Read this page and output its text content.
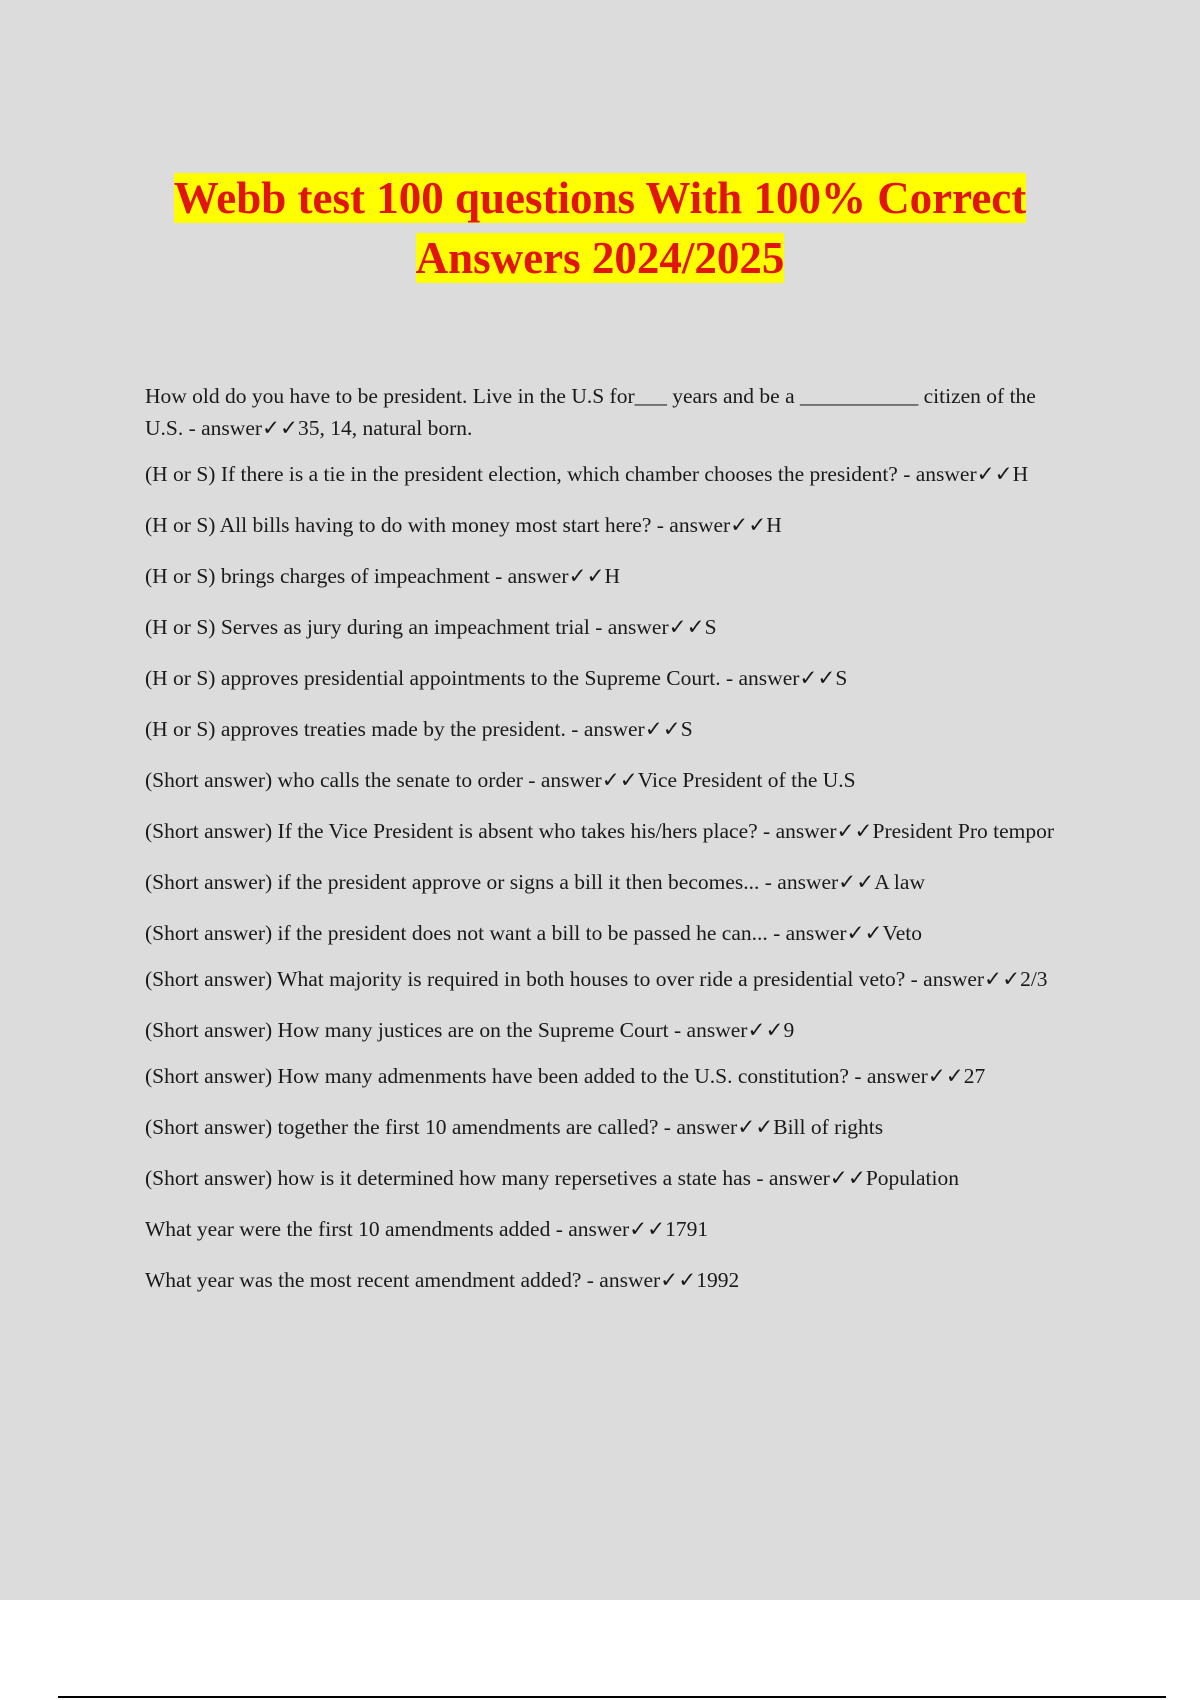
Webb test 100 questions With 100% Correct
Answers 2024/2025
How old do you have to be president. Live in the U.S for___ years and be a ___________ citizen of the U.S. - answer✓✓35, 14, natural born.
(H or S) If there is a tie in the president election, which chamber chooses the president? - answer✓✓H
(H or S) All bills having to do with money most start here? - answer✓✓H
(H or S) brings charges of impeachment - answer✓✓H
(H or S) Serves as jury during an impeachment trial - answer✓✓S
(H or S) approves presidential appointments to the Supreme Court. - answer✓✓S
(H or S) approves treaties made by the president. - answer✓✓S
(Short answer) who calls the senate to order - answer✓✓Vice President of the U.S
(Short answer) If the Vice President is absent who takes his/hers place? - answer✓✓President Pro tempor
(Short answer) if the president approve or signs a bill it then becomes... - answer✓✓A law
(Short answer) if the president does not want a bill to be passed he can... - answer✓✓Veto
(Short answer) What majority is required in both houses to over ride a presidential veto? - answer✓✓2/3
(Short answer) How many justices are on the Supreme Court - answer✓✓9
(Short answer) How many admenments have been added to the U.S. constitution? - answer✓✓27
(Short answer) together the first 10 amendments are called? - answer✓✓Bill of rights
(Short answer) how is it determined how many repersetives a state has - answer✓✓Population
What year were the first 10 amendments added - answer✓✓1791
What year was the most recent amendment added? - answer✓✓1992
